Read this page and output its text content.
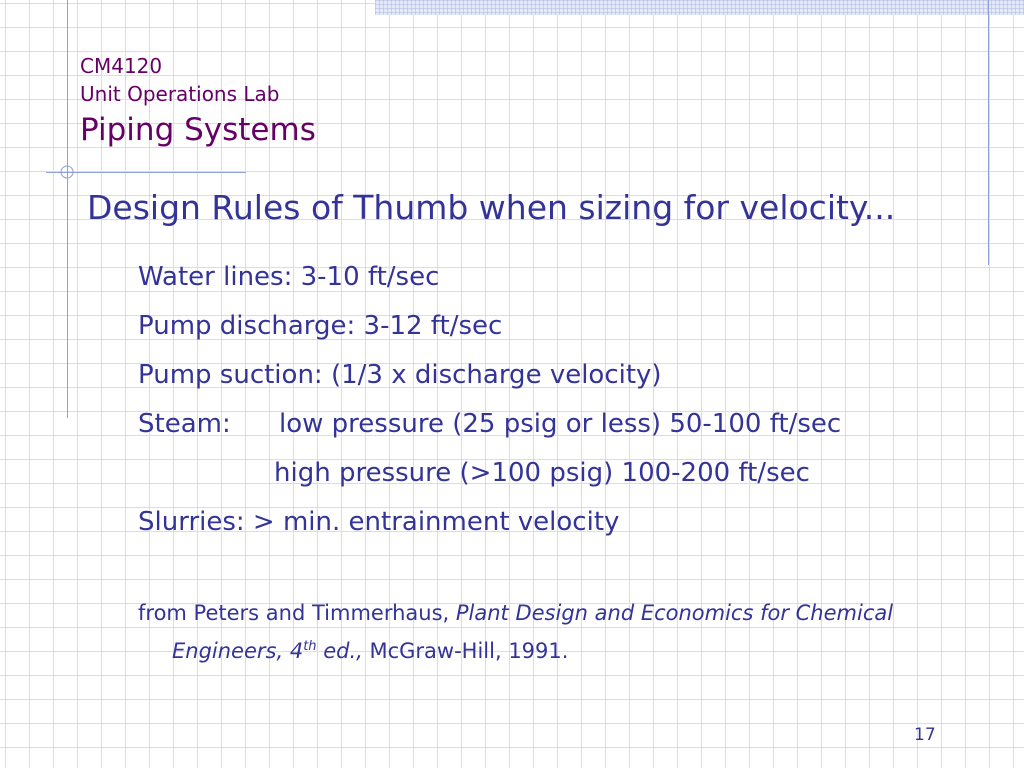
CM4120
Unit Operations Lab
Piping Systems
Design Rules of Thumb when sizing for velocity...
Water lines: 3-10 ft/sec
Pump discharge: 3-12 ft/sec
Pump suction: (1/3 x discharge velocity)
Steam:	low pressure (25 psig or less) 50-100 ft/sec
high pressure (>100 psig) 100-200 ft/sec
Slurries: > min. entrainment velocity
from Peters and Timmerhaus, Plant Design and Economics for Chemical Engineers, 4th ed., McGraw-Hill, 1991.
17
